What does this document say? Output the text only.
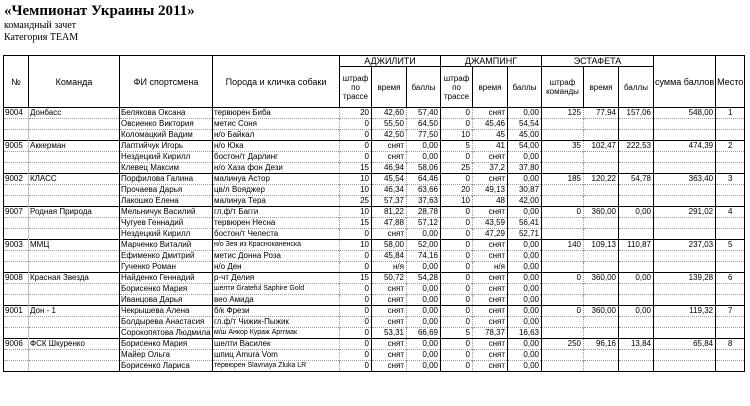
«Чемпионат Украины 2011»
командный зачет
Категория TEAM
№	Команда	ФИ спортсмена	Порода и кличка собаки	АДЖИЛИТИ			ДЖАМПИНГ			ЭСТАФЕТА			сумма баллов	Место
				штраф по трассе	время	баллы	штраф по трассе	время	баллы	штраф команды	время	баллы		
9004	Донбасс	Белякова Оксана	тервюрен Биба	20	42,60	57,40	0	снят	0,00	125	77,94	157,06	548,00	1
		Овсиенко Виктория	метис Соня	0	55,50	64,50	0	45,46	54,54					
		Коломацкий Вадим	н/о Байкал	0	42,50	77,50	10	45	45,00					
9005	Аккерман	Лаптийчук Игорь	н/о Юка	0	снят	0,00	5	41	54,00	35	102,47	222,53	474,39	2
		Нездецкий Кирилл	бостон/т Дарлинг	0	снят	0,00	0	снят	0,00					
		Клевец Максим	н/о Хаза фон Дези	15	46,94	58,06	25	37,2	37,80					
9002	КЛАСС	Порфилова Галина	малинуа Астор	10	45,54	64,46	0	снят	0,00	185	120,22	54,78	363,40	3
		Прочаева Дарья	цв/л Вояджер	10	46,34	63,66	20	49,13	30,87					
		Лакошко Елена	малинуа Тера	25	57,37	37,63	10	48	42,00					
9007	Родная Природа	Мельничук Василий	гл.ф/т Багги	10	81,22	28,78	0	снят	0,00	0	360,00	0,00	291,02	4
		Чугуев Геннадий	тервюрен Несна	15	47,88	57,12	0	43,59	56,41					
		Нездецкий Кирилл	бостон/т Челеста	0	снят	0,00	0	47,29	52,71					
9003	ММЦ	Марченко Виталий	н/о Зея из Красноканенска	10	58,00	52,00	0	снят	0,00	140	109,13	110,87	237,03	5
		Ефименко Дмитрий	метис Донна Роза	0	45,84	74,16	0	снят	0,00					
		Гученко Роман	н/о Ден	0	н/я	0,00	0	н/я	0,00					
9008	Красная Звезда	Найденко Геннадий	р-чт Делия	15	50,72	54,28	0	снят	0,00	0	360,00	0,00	139,28	6
		Борисенко Мария	шелти Grateful Saphire Gold	0	снят	0,00	0	снят	0,00					
		Иванцова Дарья	вео Амида	0	снят	0,00	0	снят	0,00					
9001	Дон - 1	Чекрышева Алена	б/к Фрези	0	снят	0,00	0	снят	0,00	0	360,00	0,00	119,32	7
		Болдырева Анастасия	гл.ф/т Чижик-Пыжик	0	снят	0,00	0	снят	0,00					
		Сорокопятова Людмила	м/ш Анкор Кураж Арггмак	0	53,31	66,69	5	78,37	16,63					
9006	ФСК Шкуренко	Борисенко Мария	шелти Василек	0	снят	0,00	0	снят	0,00	250	96,16	13,84	65,84	8
		Майер Ольга	шпиц Amura Vom	0	снят	0,00	0	снят	0,00					
		Борисенко Лариса	тервюрен Slavnaya Zluka LR	0	снят	0,00	0	снят	0,00					
